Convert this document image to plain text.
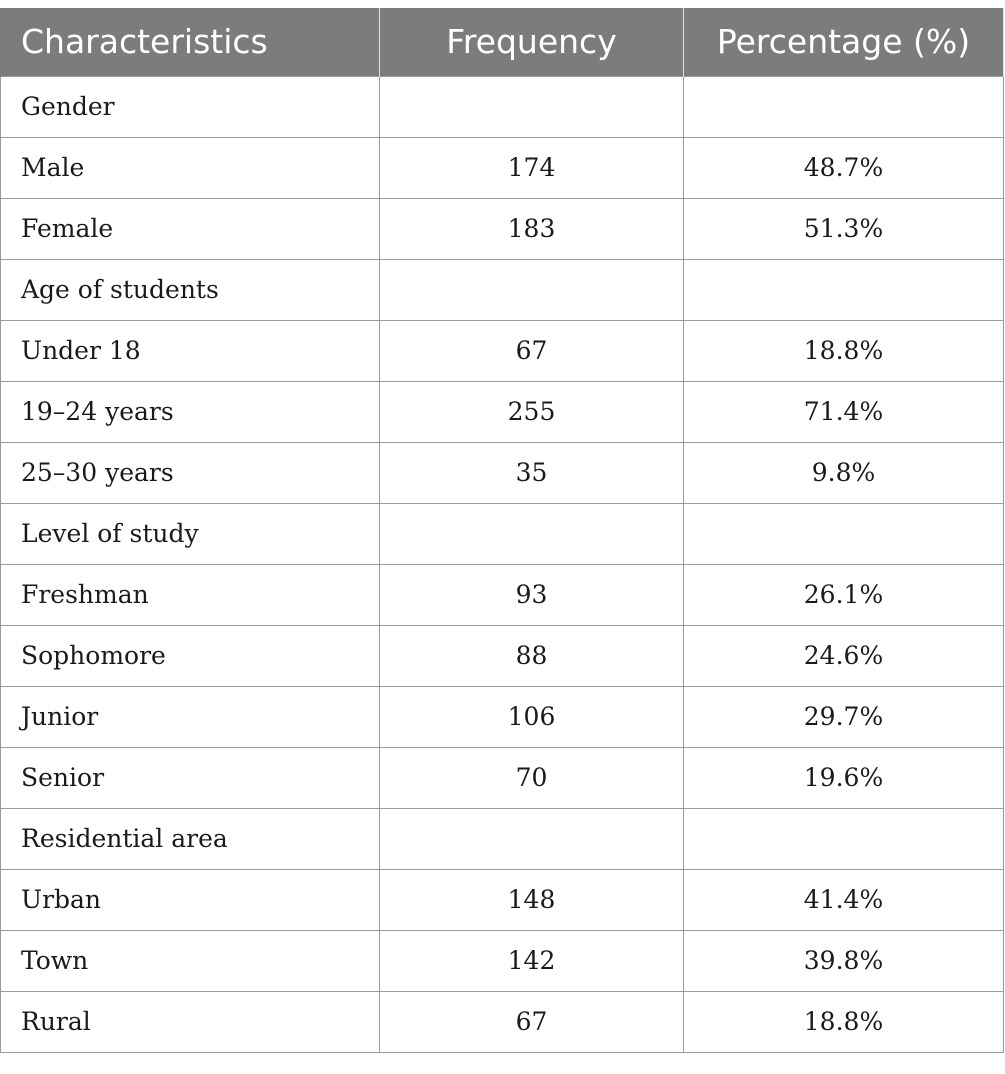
Characteristics	Frequency	Percentage (%)
Gender		
Male	174	48.7%
Female	183	51.3%
Age of students		
Under 18	67	18.8%
19–24 years	255	71.4%
25–30 years	35	9.8%
Level of study		
Freshman	93	26.1%
Sophomore	88	24.6%
Junior	106	29.7%
Senior	70	19.6%
Residential area		
Urban	148	41.4%
Town	142	39.8%
Rural	67	18.8%
